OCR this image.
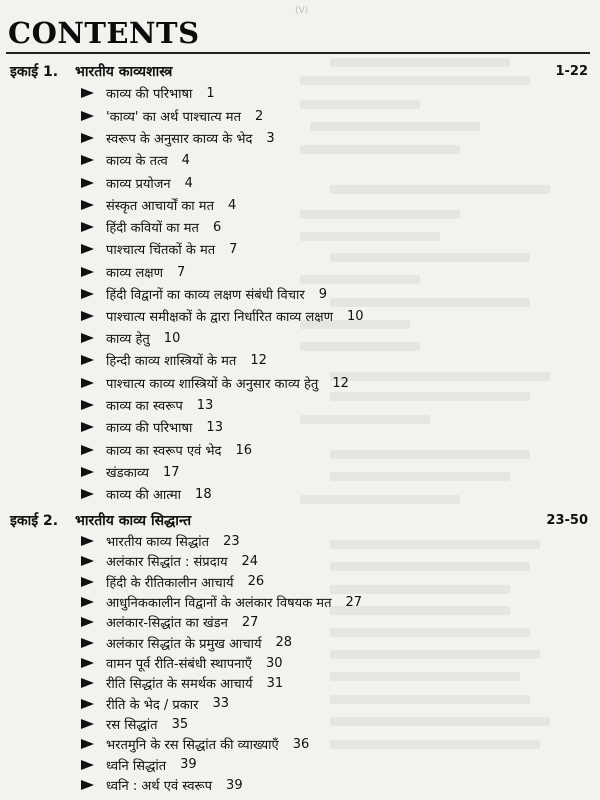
(V)
CONTENTS
इकाई 1.	भारतीय काव्यशास्त्र	1-22
काव्य की परिभाषा 1
'काव्य' का अर्थ पाश्चात्य मत 2
स्वरूप के अनुसार काव्य के भेद 3
काव्य के तत्व 4
काव्य प्रयोजन 4
संस्कृत आचार्यों का मत 4
हिंदी कवियों का मत 6
पाश्चात्य चिंतकों के मत 7
काव्य लक्षण 7
हिंदी विद्वानों का काव्य लक्षण संबंधी विचार 9
पाश्चात्य समीक्षकों के द्वारा निर्धारित काव्य लक्षण 10
काव्य हेतु 10
हिन्दी काव्य शास्त्रियों के मत 12
पाश्चात्य काव्य शास्त्रियों के अनुसार काव्य हेतु 12
काव्य का स्वरूप 13
काव्य की परिभाषा 13
काव्य का स्वरूप एवं भेद 16
खंडकाव्य 17
काव्य की आत्मा 18
इकाई 2.	भारतीय काव्य सिद्धान्त	23-50
भारतीय काव्य सिद्धांत 23
अलंकार सिद्धांत : संप्रदाय 24
हिंदी के रीतिकालीन आचार्य 26
आधुनिककालीन विद्वानों के अलंकार विषयक मत 27
अलंकार-सिद्धांत का खंडन 27
अलंकार सिद्धांत के प्रमुख आचार्य 28
वामन पूर्व रीति-संबंधी स्थापनाएँ 30
रीति सिद्धांत के समर्थक आचार्य 31
रीति के भेद / प्रकार 33
रस सिद्धांत 35
भरतमुनि के रस सिद्धांत की व्याख्याएँ 36
ध्वनि सिद्धांत 39
ध्वनि : अर्थ एवं स्वरूप 39
